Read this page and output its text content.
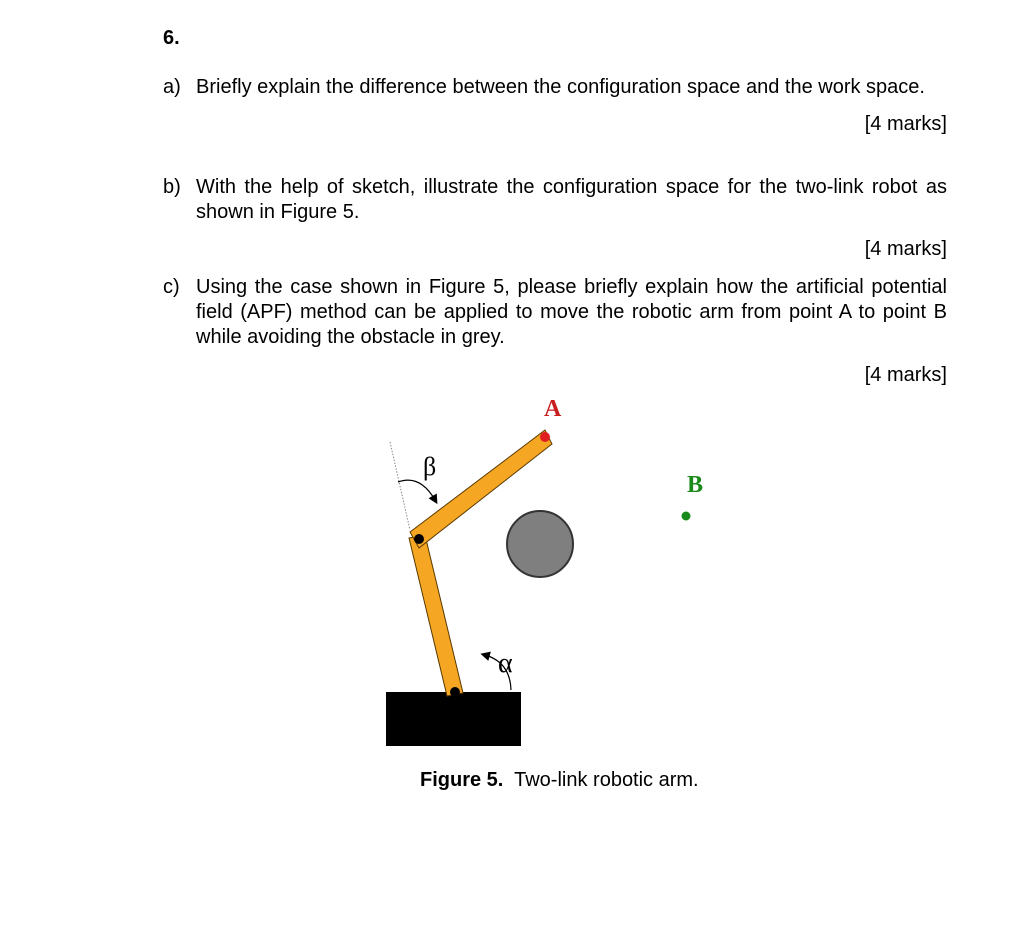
6.
a) Briefly explain the difference between the configuration space and the work space.
[4 marks]
b) With the help of sketch, illustrate the configuration space for the two-link robot as shown in Figure 5.
[4 marks]
c) Using the case shown in Figure 5, please briefly explain how the artificial potential field (APF) method can be applied to move the robotic arm from point A to point B while avoiding the obstacle in grey.
[4 marks]
A
B
β
α
Figure 5. Two-link robotic arm.
